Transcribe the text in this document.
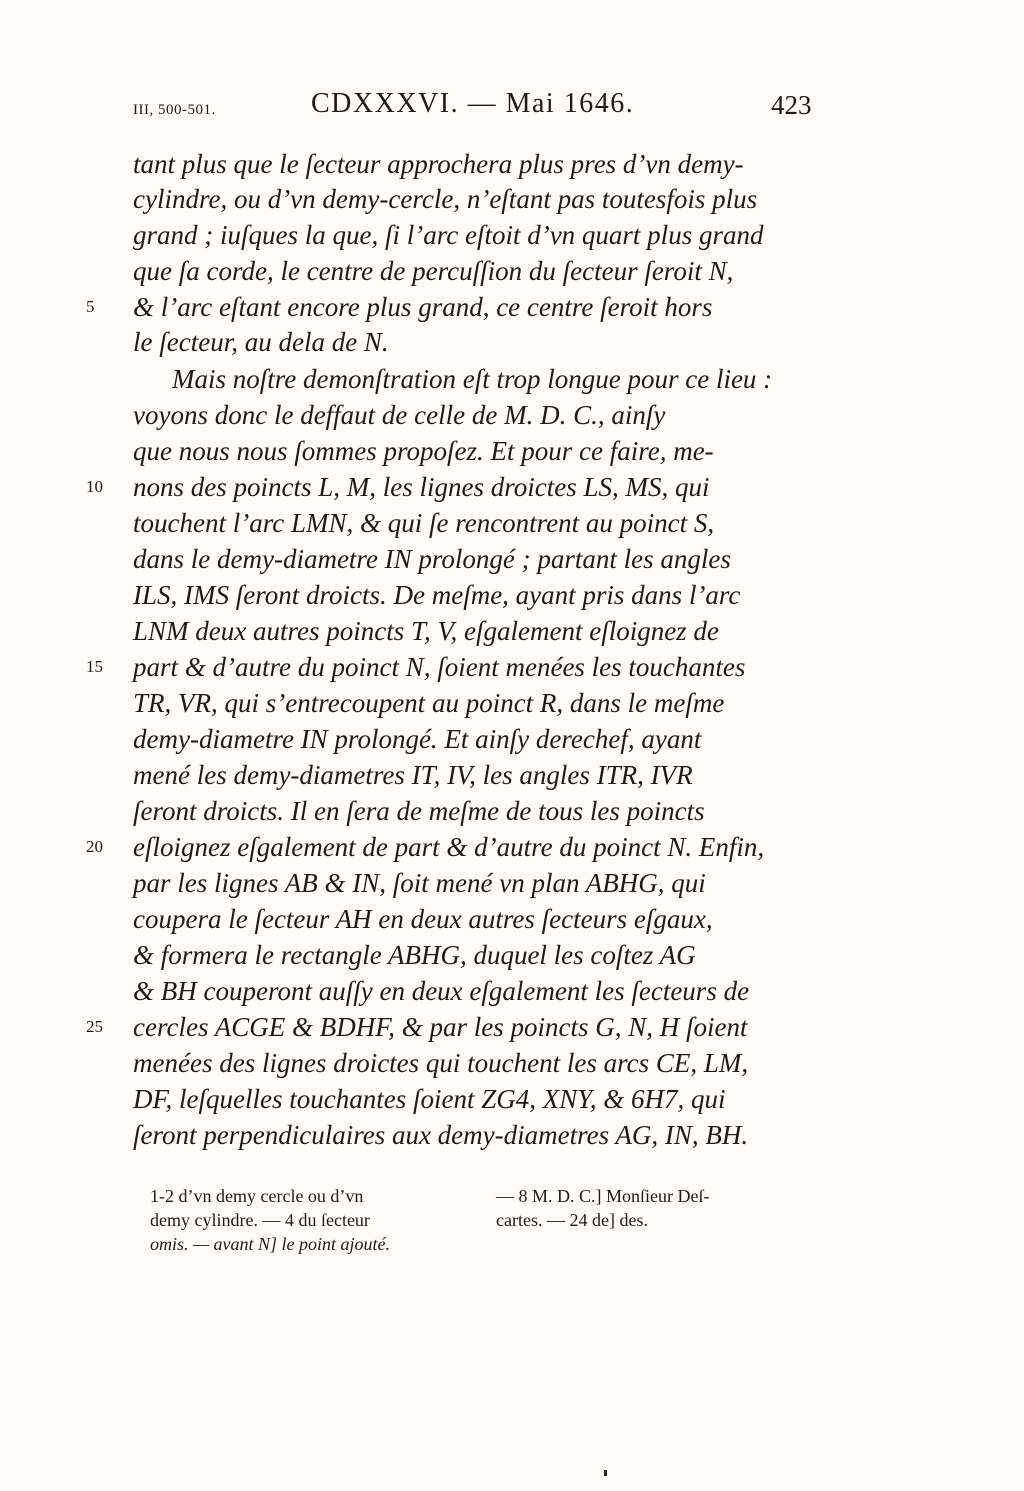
III, 500-501.	CDXXXVI. — Mai 1646.	423
tant plus que le ſecteur approchera plus pres d’vn demy-
cylindre, ou d’vn demy-cercle, n’eſtant pas toutesfois plus
grand ; iuſques la que, ſi l’arc eſtoit d’vn quart plus grand
que ſa corde, le centre de percuſſion du ſecteur ſeroit N,
& l’arc eſtant encore plus grand, ce centre ſeroit hors
le ſecteur, au dela de N.
Mais noſtre demonſtration eſt trop longue pour ce lieu :
voyons donc le deffaut de celle de M. D. C., ainſy
que nous nous ſommes propoſez. Et pour ce faire, me-
nons des poincts L, M, les lignes droictes LS, MS, qui
touchent l’arc LMN, & qui ſe rencontrent au poinct S,
dans le demy-diametre IN prolongé ; partant les angles
ILS, IMS ſeront droicts. De meſme, ayant pris dans l’arc
LNM deux autres poincts T, V, eſgalement eſloignez de
part & d’autre du poinct N, ſoient menées les touchantes
TR, VR, qui s’entrecoupent au poinct R, dans le meſme
demy-diametre IN prolongé. Et ainſy derechef, ayant
mené les demy-diametres IT, IV, les angles ITR, IVR
ſeront droicts. Il en ſera de meſme de tous les poincts
eſloignez eſgalement de part & d’autre du poinct N. Enfin,
par les lignes AB & IN, ſoit mené vn plan ABHG, qui
coupera le ſecteur AH en deux autres ſecteurs eſgaux,
& formera le rectangle ABHG, duquel les coſtez AG
& BH couperont auſſy en deux eſgalement les ſecteurs de
cercles ACGE & BDHF, & par les poincts G, N, H ſoient
menées des lignes droictes qui touchent les arcs CE, LM,
DF, leſquelles touchantes ſoient ZG4, XNY, & 6H7, qui
ſeront perpendiculaires aux demy-diametres AG, IN, BH.
5
10
15
20
25
1-2 d’vn demy cercle ou d’vn
demy cylindre. — 4 du ſecteur
omis. — avant N] le point ajouté.
— 8 M. D. C.] Monſieur Deſ-
cartes. — 24 de] des.
